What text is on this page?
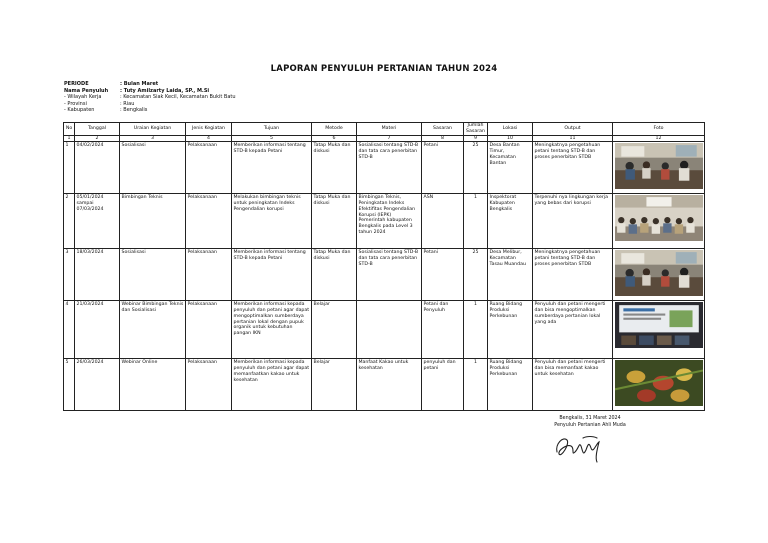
LAPORAN PENYULUH PERTANIAN TAHUN 2024
PERIODE	: Bulan Maret
Nama Penyuluh	: Tuty Amilzarty Laida, SP., M.Si
- Wilayah Kerja	: Kecamatan Siak Kecil, Kecamatan Bukit Batu
- Provinsi	: Riau
- Kabupaten	: Bengkalis
No	Tanggal	Uraian Kegiatan	Jenis Kegiatan	Tujuan	Metode	Materi	Sasaran	Jumlah Sasaran	Lokasi	Output	Foto
1	2	3	4	5	6	7	8	9	10	11	12
1	04/02/2024	Sosialisasi	Pelaksanaan	Memberikan informasi tentang STD-B kepada Petani	Tatap Muka dan diskusi	Sosialisasi tentang STD-B dan tata cara penerbitan STD-B	Petani	25	Desa Bantan Timur, Kecamatan Bantan	Meningkatnya pengetahuan petani tentang STD-B dan proses penerbitan STDB	

2	05/01/2024 sampai 07/03/2024	Bimbingan Teknis	Pelaksanaan	Melakukan bimbingan teknis untuk peningkatan Indeks Pengendalian korupsi	Tatap Muka dan diskusi	Bimbingan Teknis, Peningkatan Indeks Efektifitas Pengendalian Korupsi (IEPK) Pemerintah kabupaten Bengkalis pada Level 3 tahun 2024	ASN	1	Inspektorat Kabupaten Bengkalis	Terpenuhi nya lingkungan kerja yang bebas dari korupsi	

3	18/03/2024	Sosialisasi	Pelaksanaan	Memberikan informasi tentang STD-B kepada Petani	Tatap Muka dan diskusi	Sosialisasi tentang STD-B dan tata cara penerbitan STD-B	Petani	25	Desa Melibur, Kecamatan Tasau Muandau	Meningkatnya pengetahuan petani tentang STD-B dan proses penerbitan STDB	

4	21/03/2024	Webinar Bimbingan Teknis dan Sosialisasi	Pelaksanaan	Memberikan informasi kepada penyuluh dan petani agar dapat mengoptimalkan sumberdaya pertanian lokal dengan pupuk organik untuk kebutuhan pangan IKN	Belajar		Petani dan Penyuluh	1	Ruang Bidang Produksi Perkebunan	Penyuluh dan petani mengerti dan bisa mengoptimalkan sumberdaya pertanian lokal yang ada	

5	26/03/2024	Webinar Online	Pelaksanaan	Memberikan informasi kepada penyuluh dan petani agar dapat memanfaatkan kakao untuk kesehatan	Belajar	Manfaat Kakao untuk kesehatan	penyuluh dan petani	1	Ruang Bidang Produksi Perkebunan	Penyuluh dan petani mengerti dan bisa memanfaat kakao untuk kesehatan	
Bengkalis, 31 Maret 2024
Penyuluh Pertanian Ahli Muda
